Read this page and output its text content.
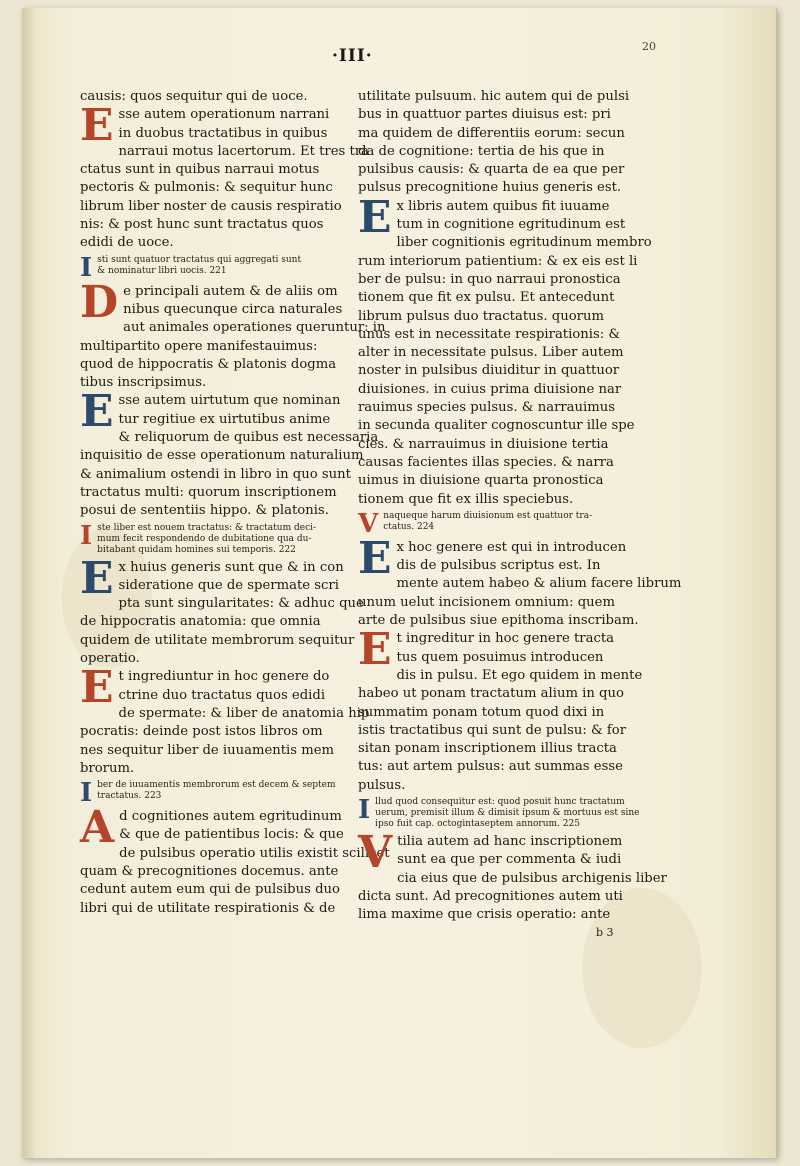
·III·	20
causis: quos sequitur qui de uoce.
E sse autem operationum narrani
in duobus tractatibus in quibus
narraui motus lacertorum. Et tres tra
ctatus sunt in quibus narraui motus
pectoris & pulmonis: & sequitur hunc
librum liber noster de causis respiratio
nis: & post hunc sunt tractatus quos
edidi de uoce.
I sti sunt quatuor tractatus qui aggregati sunt
& nominatur libri uocis. 221
D e principali autem & de aliis om
nibus quecunque circa naturales
aut animales operationes queruntur: in
multipartito opere manifestauimus:
quod de hippocratis & platonis dogma
tibus inscripsimus.
E sse autem uirtutum que nominan
tur regitiue ex uirtutibus anime
& reliquorum de quibus est necessaria
inquisitio de esse operationum naturalium
& animalium ostendi in libro in quo sunt
tractatus multi: quorum inscriptionem
posui de sententiis hippo. & platonis.
I ste liber est nouem tractatus: & tractatum deci-
mum fecit respondendo de dubitatione qua du-
bitabant quidam homines sui temporis. 222
E x huius generis sunt que & in con
sideratione que de spermate scri
pta sunt singularitates: & adhuc que
de hippocratis anatomia: que omnia
quidem de utilitate membrorum sequitur
operatio.
E t ingrediuntur in hoc genere do
ctrine duo tractatus quos edidi
de spermate: & liber de anatomia hip
pocratis: deinde post istos libros om
nes sequitur liber de iuuamentis mem
brorum.
I ber de iuuamentis membrorum est decem & septem
tractatus. 223
A d cognitiones autem egritudinum
& que de patientibus locis: & que
de pulsibus operatio utilis existit scilicet
quam & precognitiones docemus. ante
cedunt autem eum qui de pulsibus duo
libri qui de utilitate respirationis & de
utilitate pulsuum. hic autem qui de pulsi
bus in quattuor partes diuisus est: pri
ma quidem de differentiis eorum: secun
da de cognitione: tertia de his que in
pulsibus causis: & quarta de ea que per
pulsus precognitione huius generis est.
E x libris autem quibus fit iuuame
tum in cognitione egritudinum est
liber cognitionis egritudinum membro
rum interiorum patientium: & ex eis est li
ber de pulsu: in quo narraui pronostica
tionem que fit ex pulsu. Et antecedunt
librum pulsus duo tractatus. quorum
unus est in necessitate respirationis: &
alter in necessitate pulsus. Liber autem
noster in pulsibus diuiditur in quattuor
diuisiones. in cuius prima diuisione nar
rauimus species pulsus. & narrauimus
in secunda qualiter cognoscuntur ille spe
cies. & narrauimus in diuisione tertia
causas facientes illas species. & narra
uimus in diuisione quarta pronostica
tionem que fit ex illis speciebus.
V naqueque harum diuisionum est quattuor tra-
ctatus. 224
E x hoc genere est qui in introducen
dis de pulsibus scriptus est. In
mente autem habeo & alium facere librum
unum uelut incisionem omnium: quem
arte de pulsibus siue epithoma inscribam.
E t ingreditur in hoc genere tracta
tus quem posuimus introducen
dis in pulsu. Et ego quidem in mente
habeo ut ponam tractatum alium in quo
summatim ponam totum quod dixi in
istis tractatibus qui sunt de pulsu: & for
sitan ponam inscriptionem illius tracta
tus: aut artem pulsus: aut summas esse
pulsus.
I llud quod consequitur est: quod posuit hunc tractatum
uerum, premisit illum & dimisit ipsum & mortuus est sine
ipso fuit cap. octogintaseptem annorum. 225
V tilia autem ad hanc inscriptionem
sunt ea que per commenta & iudi
cia eius que de pulsibus archigenis liber
dicta sunt. Ad precognitiones autem uti
lima maxime que crisis operatio: ante
b 3
